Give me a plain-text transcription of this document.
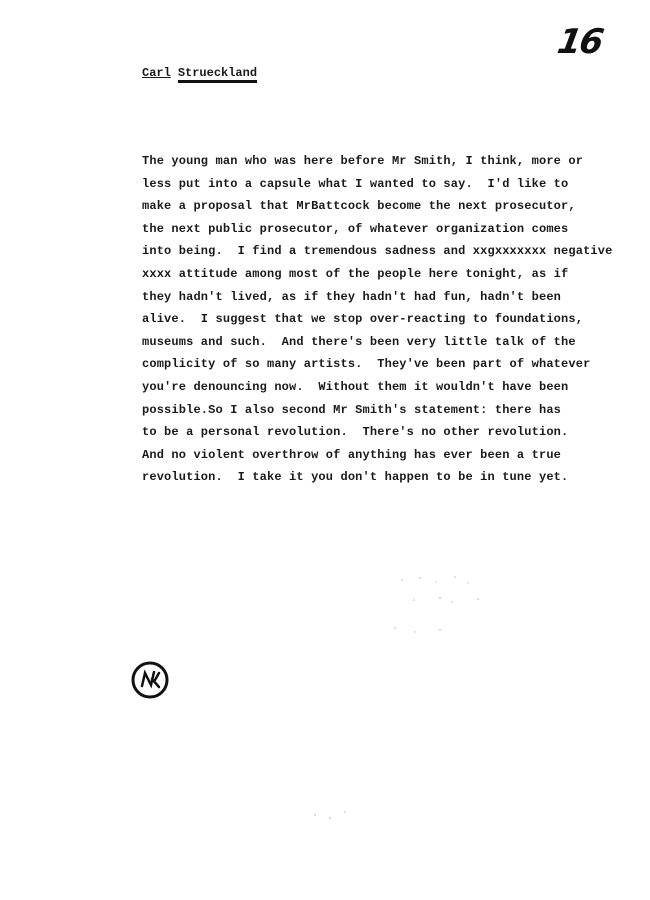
16
Carl Strueckland
The young man who was here before Mr Smith, I think, more or
less put into a capsule what I wanted to say.  I'd like to
make a proposal that MrBattcock become the next prosecutor,
the next public prosecutor, of whatever organization comes
into being.  I find a tremendous sadness and xxgxxxxxxx negative
xxxx attitude among most of the people here tonight, as if
they hadn't lived, as if they hadn't had fun, hadn't been
alive.  I suggest that we stop over-reacting to foundations,
museums and such.  And there's been very little talk of the
complicity of so many artists.  They've been part of whatever
you're denouncing now.  Without them it wouldn't have been
possible.So I also second Mr Smith's statement: there has
to be a personal revolution.  There's no other revolution.
And no violent overthrow of anything has ever been a true
revolution.  I take it you don't happen to be in tune yet.
